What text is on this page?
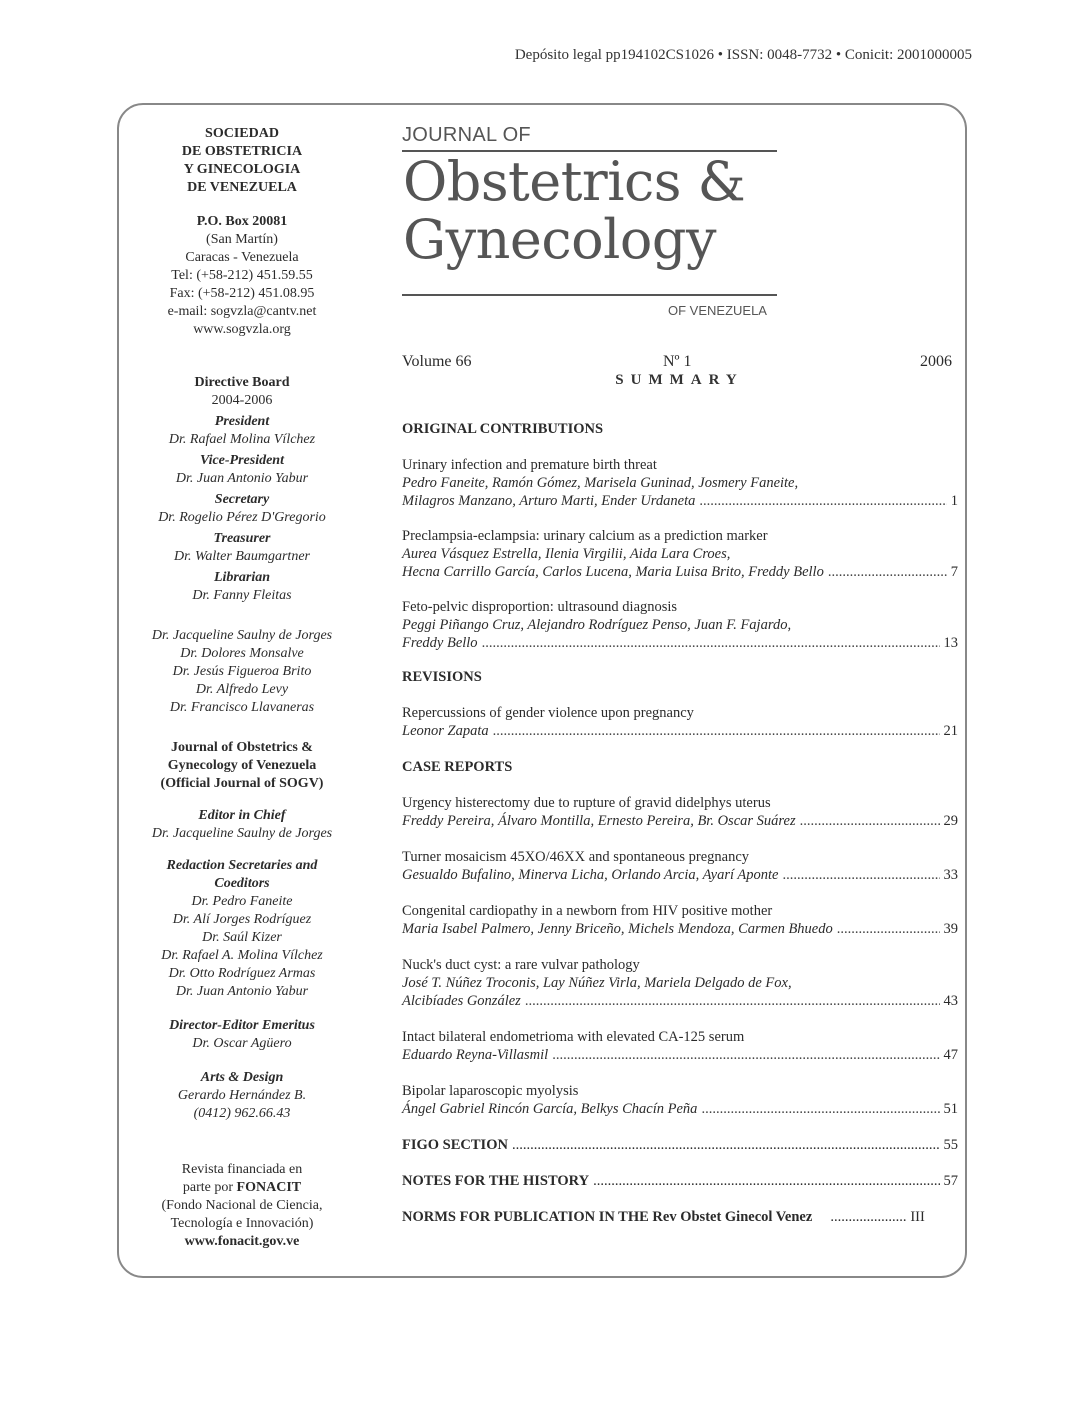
Depósito legal pp194102CS1026 • ISSN: 0048-7732 • Conicit: 2001000005

SOCIEDAD

DE OBSTETRICIA

Y GINECOLOGIA

DE VENEZUELA

P.O. Box 20081

(San Martín)

Caracas - Venezuela

Tel: (+58-212) 451.59.55

Fax: (+58-212) 451.08.95

e-mail: sogvzla@cantv.net

www.sogvzla.org

Directive Board

2004-2006

President

Dr. Rafael Molina Vílchez

Vice-President

Dr. Juan Antonio Yabur

Secretary

Dr. Rogelio Pérez D'Gregorio

Treasurer

Dr. Walter Baumgartner

Librarian

Dr. Fanny Fleitas

Dr. Jacqueline Saulny de Jorges

Dr. Dolores Monsalve

Dr. Jesús Figueroa Brito

Dr. Alfredo Levy

Dr. Francisco Llavaneras

Journal of Obstetrics &

Gynecology of Venezuela

(Official Journal of SOGV)

Editor in Chief

Dr. Jacqueline Saulny de Jorges

Redaction Secretaries and

Coeditors

Dr. Pedro Faneite

Dr. Alí Jorges Rodríguez

Dr. Saúl Kizer

Dr. Rafael A. Molina Vílchez

Dr. Otto Rodríguez Armas

Dr. Juan Antonio Yabur

Director-Editor Emeritus

Dr. Oscar Agüero

Arts & Design

Gerardo Hernández B.

(0412) 962.66.43

Revista financiada en

parte por FONACIT

(Fondo Nacional de Ciencia,

Tecnología e Innovación)

www.fonacit.gov.ve

JOURNAL OF
Obstetrics &
Gynecology
OF VENEZUELA
Volume 66	Nº 1	2006
SUMMARY

ORIGINAL CONTRIBUTIONS

Urinary infection and premature birth threat
Pedro Faneite, Ramón Gómez, Marisela Guninad, Josmery Faneite,
Milagros Manzano, Arturo Marti, Ender Urdaneta .....	1
Preclampsia-eclampsia: urinary calcium as a prediction marker
Aurea Vásquez Estrella, Ilenia Virgilii, Aida Lara Croes,
Hecna Carrillo García, Carlos Lucena, Maria Luisa Brito, Freddy Bello .....	7
Feto-pelvic disproportion: ultrasound diagnosis
Peggi Piñango Cruz, Alejandro Rodríguez Penso, Juan F. Fajardo,
Freddy Bello .....	13

REVISIONS

Repercussions of gender violence upon pregnancy
Leonor Zapata .....	21

CASE REPORTS

Urgency histerectomy due to rupture of gravid didelphys uterus
Freddy Pereira, Álvaro Montilla, Ernesto Pereira, Br. Oscar Suárez .....	29
Turner mosaicism 45XO/46XX and spontaneous pregnancy
Gesualdo Bufalino, Minerva Licha, Orlando Arcia, Ayarí Aponte .....	33
Congenital cardiopathy in a newborn from HIV positive mother
Maria Isabel Palmero, Jenny Briceño, Michels Mendoza, Carmen Bhuedo .....	39
Nuck's duct cyst: a rare vulvar pathology
José T. Núñez Troconis, Lay Núñez Virla, Mariela Delgado de Fox,
Alcibíades González .....	43
Intact bilateral endometrioma with elevated CA-125 serum
Eduardo Reyna-Villasmil .....	47
Bipolar laparoscopic myolysis
Ángel Gabriel Rincón García, Belkys Chacín Peña .....	51
FIGO SECTION .....	55
NOTES FOR THE HISTORY .....	57
NORMS FOR PUBLICATION IN THE Rev Obstet Ginecol Venez .....	III
